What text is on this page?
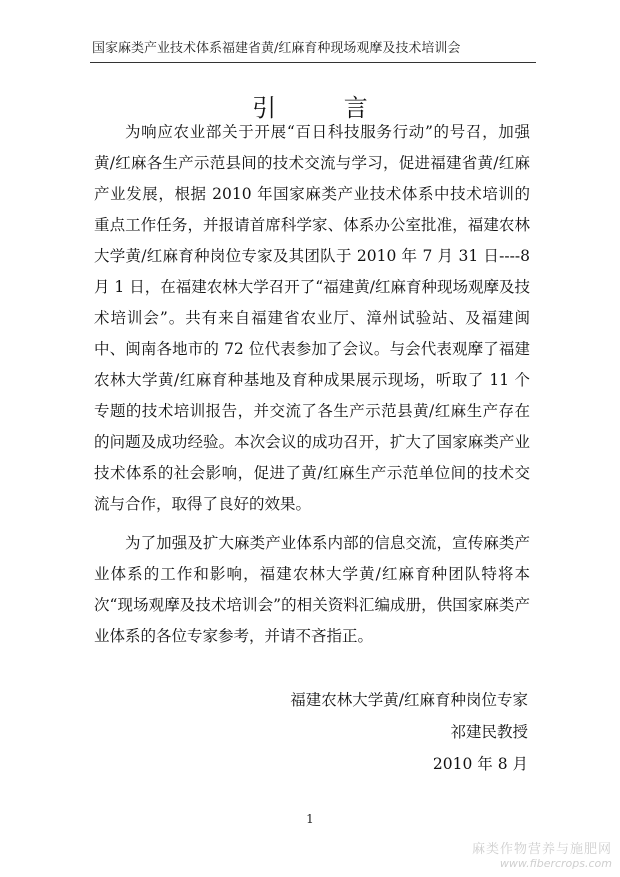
国家麻类产业技术体系福建省黄/红麻育种现场观摩及技术培训会
引 言

为响应农业部关于开展“百日科技服务行动”的号召，加强黄/红麻各生产示范县间的技术交流与学习，促进福建省黄/红麻产业发展，根据 2010 年国家麻类产业技术体系中技术培训的重点工作任务，并报请首席科学家、体系办公室批准，福建农林大学黄/红麻育种岗位专家及其团队于 2010 年 7 月 31 日----8 月 1 日，在福建农林大学召开了“福建黄/红麻育种现场观摩及技术培训会”。共有来自福建省农业厅、漳州试验站、及福建闽中、闽南各地市的 72 位代表参加了会议。与会代表观摩了福建农林大学黄/红麻育种基地及育种成果展示现场，听取了 11 个专题的技术培训报告，并交流了各生产示范县黄/红麻生产存在的问题及成功经验。本次会议的成功召开，扩大了国家麻类产业技术体系的社会影响，促进了黄/红麻生产示范单位间的技术交流与合作，取得了良好的效果。

为了加强及扩大麻类产业体系内部的信息交流，宣传麻类产业体系的工作和影响，福建农林大学黄/红麻育种团队特将本次“现场观摩及技术培训会”的相关资料汇编成册，供国家麻类产业体系的各位专家参考，并请不吝指正。

福建农林大学黄/红麻育种岗位专家
祁建民教授
2010 年 8 月
1
麻类作物营养与施肥网
www.fibercrops.com
